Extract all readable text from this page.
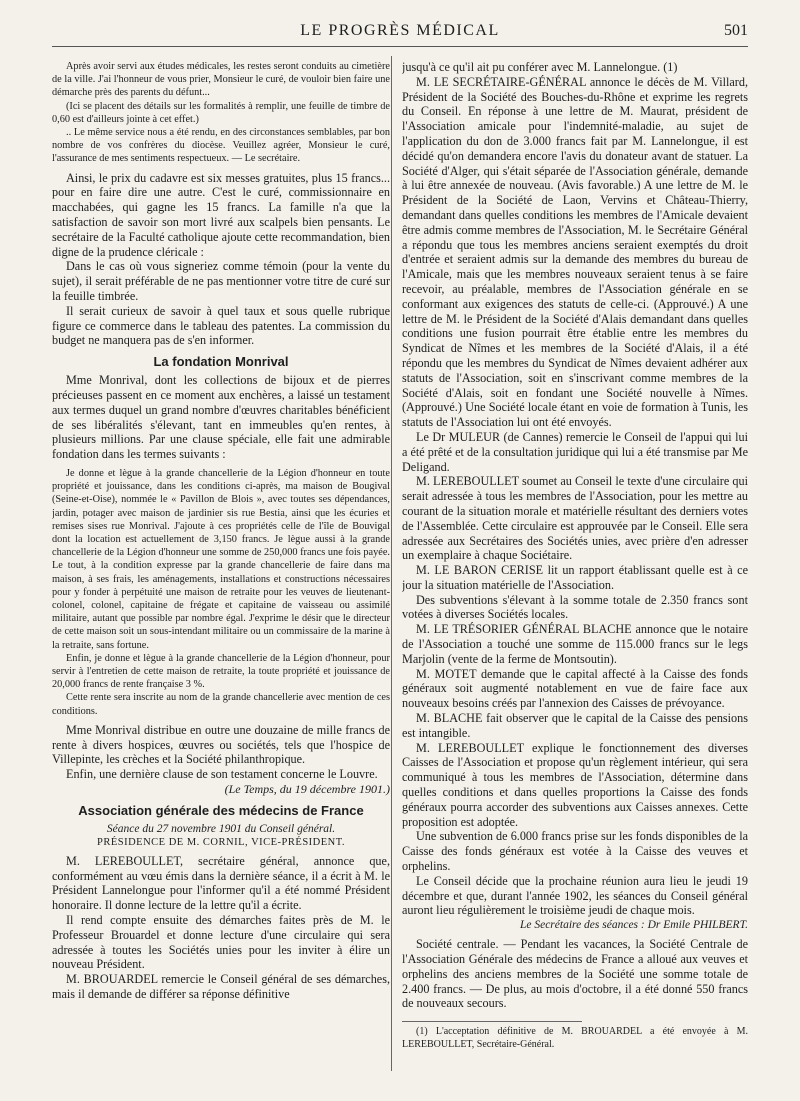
LE PROGRÈS MÉDICAL	501

Après avoir servi aux études médicales, les restes seront conduits au cimetière de la ville. J'ai l'honneur de vous prier, Monsieur le curé, de vouloir bien faire une démarche près des parents du défunt...

(Ici se placent des détails sur les formalités à remplir, une feuille de timbre de 0,60 est d'ailleurs jointe à cet effet.)

.. Le même service nous a été rendu, en des circonstances semblables, par bon nombre de vos confrères du diocèse. Veuillez agréer, Monsieur le curé, l'assurance de mes sentiments respectueux. — Le secrétaire.

Ainsi, le prix du cadavre est six messes gratuites, plus 15 francs... pour en faire dire une autre. C'est le curé, commissionnaire en macchabées, qui gagne les 15 francs. La famille n'a que la satisfaction de savoir son mort livré aux scalpels bien pensants. Le secrétaire de la Faculté catholique ajoute cette recommandation, bien digne de la prudence cléricale :

Dans le cas où vous signeriez comme témoin (pour la vente du sujet), il serait préférable de ne pas mentionner votre titre de curé sur la feuille timbrée.

Il serait curieux de savoir à quel taux et sous quelle rubrique figure ce commerce dans le tableau des patentes. La commission du budget ne manquera pas de s'en informer.

La fondation Monrival

Mme Monrival, dont les collections de bijoux et de pierres précieuses passent en ce moment aux enchères, a laissé un testament aux termes duquel un grand nombre d'œuvres charitables bénéficient de ses libéralités s'élevant, tant en immeubles qu'en rentes, à plusieurs millions. Par une clause spéciale, elle fait une admirable fondation dans les termes suivants :

Je donne et lègue à la grande chancellerie de la Légion d'honneur en toute propriété et jouissance, dans les conditions ci-après, ma maison de Bougival (Seine-et-Oise), nommée le « Pavillon de Blois », avec toutes ses dépendances, jardin, potager avec maison de jardinier sis rue Bestia, ainsi que les écuries et remises sises rue Monrival. J'ajoute à ces propriétés celle de l'île de Bouvigal dont la location est actuellement de 3,150 francs. Je lègue aussi à la grande chancellerie de la Légion d'honneur une somme de 250,000 francs une fois payée. Le tout, à la condition expresse par la grande chancellerie de faire dans ma maison, à ses frais, les aménagements, installations et constructions nécessaires pour y fonder à perpétuité une maison de retraite pour les veuves de lieutenant-colonel, colonel, capitaine de frégate et capitaine de vaisseau ou assimilé militaire, autant que possible par nombre égal. J'exprime le désir que le directeur de cette maison soit un sous-intendant militaire ou un commissaire de la marine à la retraite, sans fortune.

Enfin, je donne et lègue à la grande chancellerie de la Légion d'honneur, pour servir à l'entretien de cette maison de retraite, la toute propriété et jouissance de 20,000 francs de rente française 3 %.

Cette rente sera inscrite au nom de la grande chancellerie avec mention de ces conditions.

Mme Monrival distribue en outre une douzaine de mille francs de rente à divers hospices, œuvres ou sociétés, tels que l'hospice de Villepinte, les crèches et la Société philanthropique.

Enfin, une dernière clause de son testament concerne le Louvre.

(Le Temps, du 19 décembre 1901.)
Association générale des médecins de France
Séance du 27 novembre 1901 du Conseil général.
PRÉSIDENCE DE M. CORNIL, VICE-PRÉSIDENT.

M. LEREBOULLET, secrétaire général, annonce que, conformément au vœu émis dans la dernière séance, il a écrit à M. le Président Lannelongue pour l'informer qu'il a été nommé Président honoraire. Il donne lecture de la lettre qu'il a écrite.

Il rend compte ensuite des démarches faites près de M. le Professeur Brouardel et donne lecture d'une circulaire qui sera adressée à toutes les Sociétés unies pour les inviter à élire un nouveau Président.

M. BROUARDEL remercie le Conseil général de ses démarches, mais il demande de différer sa réponse définitive

jusqu'à ce qu'il ait pu conférer avec M. Lannelongue. (1)

M. LE SECRÉTAIRE-GÉNÉRAL annonce le décès de M. Villard, Président de la Société des Bouches-du-Rhône et exprime les regrets du Conseil. En réponse à une lettre de M. Maurat, président de l'Association amicale pour l'indemnité-maladie, au sujet de l'application du don de 3.000 francs fait par M. Lannelongue, il est décidé qu'on demandera encore l'avis du donateur avant de statuer. La Société d'Alger, qui s'était séparée de l'Association générale, demande à lui être annexée de nouveau. (Avis favorable.) A une lettre de M. le Président de la Société de Laon, Vervins et Château-Thierry, demandant dans quelles conditions les membres de l'Amicale devaient être admis comme membres de l'Association, M. le Secrétaire Général a répondu que tous les membres anciens seraient exemptés du droit d'entrée et seraient admis sur la demande des membres du bureau de l'Amicale, mais que les membres nouveaux seraient tenus à se faire recevoir, au préalable, membres de l'Association générale en se conformant aux exigences des statuts de celle-ci. (Approuvé.) A une lettre de M. le Président de la Société d'Alais demandant dans quelles conditions une fusion pourrait être établie entre les membres du Syndicat de Nîmes et les membres de la Société d'Alais, il a été répondu que les membres du Syndicat de Nîmes devaient adhérer aux statuts de l'Association, soit en s'inscrivant comme membres de la Société d'Alais, soit en fondant une Société nouvelle à Nîmes. (Approuvé.) Une Société locale étant en voie de formation à Tunis, les statuts de l'Association lui ont été envoyés.

Le Dr MULEUR (de Cannes) remercie le Conseil de l'appui qui lui a été prêté et de la consultation juridique qui lui a été transmise par Me Deligand.

M. LEREBOULLET soumet au Conseil le texte d'une circulaire qui serait adressée à tous les membres de l'Association, pour les mettre au courant de la situation morale et matérielle résultant des derniers votes de l'Assemblée. Cette circulaire est approuvée par le Conseil. Elle sera adressée aux Secrétaires des Sociétés unies, avec prière d'en adresser un exemplaire à chaque Sociétaire.

M. LE BARON CERISE lit un rapport établissant quelle est à ce jour la situation matérielle de l'Association.

Des subventions s'élevant à la somme totale de 2.350 francs sont votées à diverses Sociétés locales.

M. LE TRÉSORIER GÉNÉRAL BLACHE annonce que le notaire de l'Association a touché une somme de 115.000 francs sur le legs Marjolin (vente de la ferme de Montsoutin).

M. MOTET demande que le capital affecté à la Caisse des fonds généraux soit augmenté notablement en vue de faire face aux nouveaux besoins créés par l'annexion des Caisses de prévoyance.

M. BLACHE fait observer que le capital de la Caisse des pensions est intangible.

M. LEREBOULLET explique le fonctionnement des diverses Caisses de l'Association et propose qu'un règlement intérieur, qui sera communiqué à tous les membres de l'Association, détermine dans quelles conditions et dans quelles proportions la Caisse des fonds généraux pourra accorder des subventions aux Caisses annexes. Cette proposition est adoptée.

Une subvention de 6.000 francs prise sur les fonds disponibles de la Caisse des fonds généraux est votée à la Caisse des veuves et orphelins.

Le Conseil décide que la prochaine réunion aura lieu le jeudi 19 décembre et que, durant l'année 1902, les séances du Conseil général auront lieu régulièrement le troisième jeudi de chaque mois.

Le Secrétaire des séances : Dr Emile PHILBERT.

Société centrale. — Pendant les vacances, la Société Centrale de l'Association Générale des médecins de France a alloué aux veuves et orphelins des anciens membres de la Société une somme totale de 2.400 francs. — De plus, au mois d'octobre, il a été donné 550 francs de nouveaux secours.

(1) L'acceptation définitive de M. BROUARDEL a été envoyée à M. LEREBOULLET, Secrétaire-Général.
